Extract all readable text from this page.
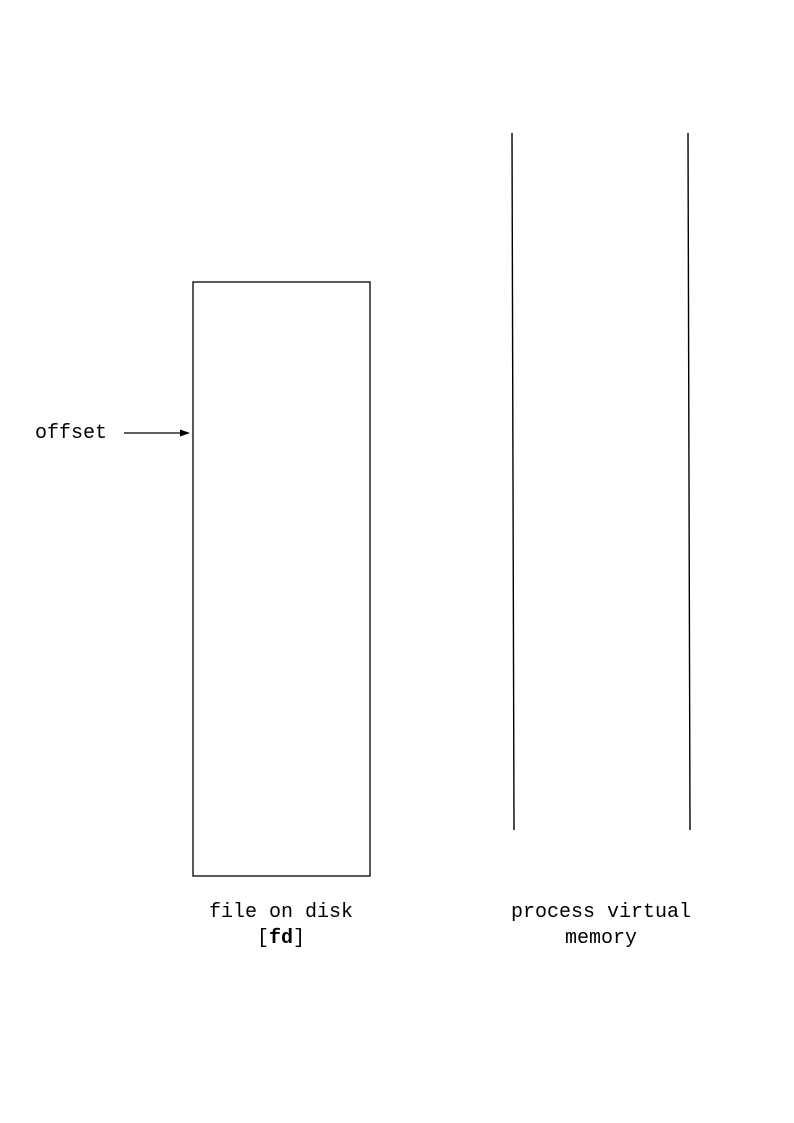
offset
file on disk
[fd]
process virtual
memory
